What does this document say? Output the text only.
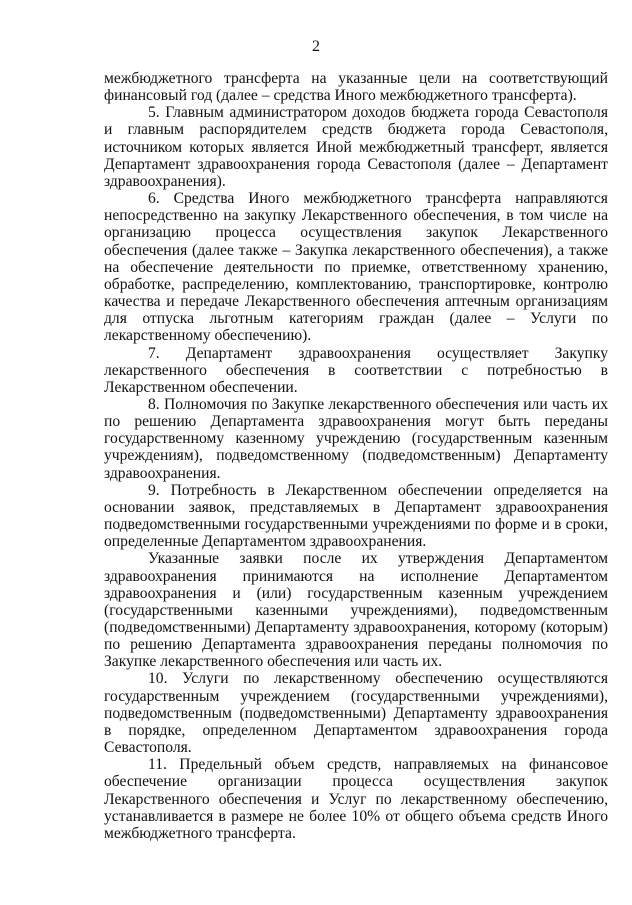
2

межбюджетного трансферта на указанные цели на соответствующий финансовый год (далее – средства Иного межбюджетного трансферта).

5. Главным администратором доходов бюджета города Севастополя и главным распорядителем средств бюджета города Севастополя, источником которых является Иной межбюджетный трансферт, является Департамент здравоохранения города Севастополя (далее – Департамент здравоохранения).

6. Средства Иного межбюджетного трансферта направляются непосредственно на закупку Лекарственного обеспечения, в том числе на организацию процесса осуществления закупок Лекарственного обеспечения (далее также – Закупка лекарственного обеспечения), а также на обеспечение деятельности по приемке, ответственному хранению, обработке, распределению, комплектованию, транспортировке, контролю качества и передаче Лекарственного обеспечения аптечным организациям для отпуска льготным категориям граждан (далее – Услуги по лекарственному обеспечению).

7. Департамент здравоохранения осуществляет Закупку лекарственного обеспечения в соответствии с потребностью в Лекарственном обеспечении.

8. Полномочия по Закупке лекарственного обеспечения или часть их по решению Департамента здравоохранения могут быть переданы государственному казенному учреждению (государственным казенным учреждениям), подведомственному (подведомственным) Департаменту здравоохранения.

9. Потребность в Лекарственном обеспечении определяется на основании заявок, представляемых в Департамент здравоохранения подведомственными государственными учреждениями по форме и в сроки, определенные Департаментом здравоохранения.

Указанные заявки после их утверждения Департаментом здравоохранения принимаются на исполнение Департаментом здравоохранения и (или) государственным казенным учреждением (государственными казенными учреждениями), подведомственным (подведомственными) Департаменту здравоохранения, которому (которым) по решению Департамента здравоохранения переданы полномочия по Закупке лекарственного обеспечения или часть их.

10. Услуги по лекарственному обеспечению осуществляются государственным учреждением (государственными учреждениями), подведомственным (подведомственными) Департаменту здравоохранения в порядке, определенном Департаментом здравоохранения города Севастополя.

11. Предельный объем средств, направляемых на финансовое обеспечение организации процесса осуществления закупок Лекарственного обеспечения и Услуг по лекарственному обеспечению, устанавливается в размере не более 10% от общего объема средств Иного межбюджетного трансферта.
